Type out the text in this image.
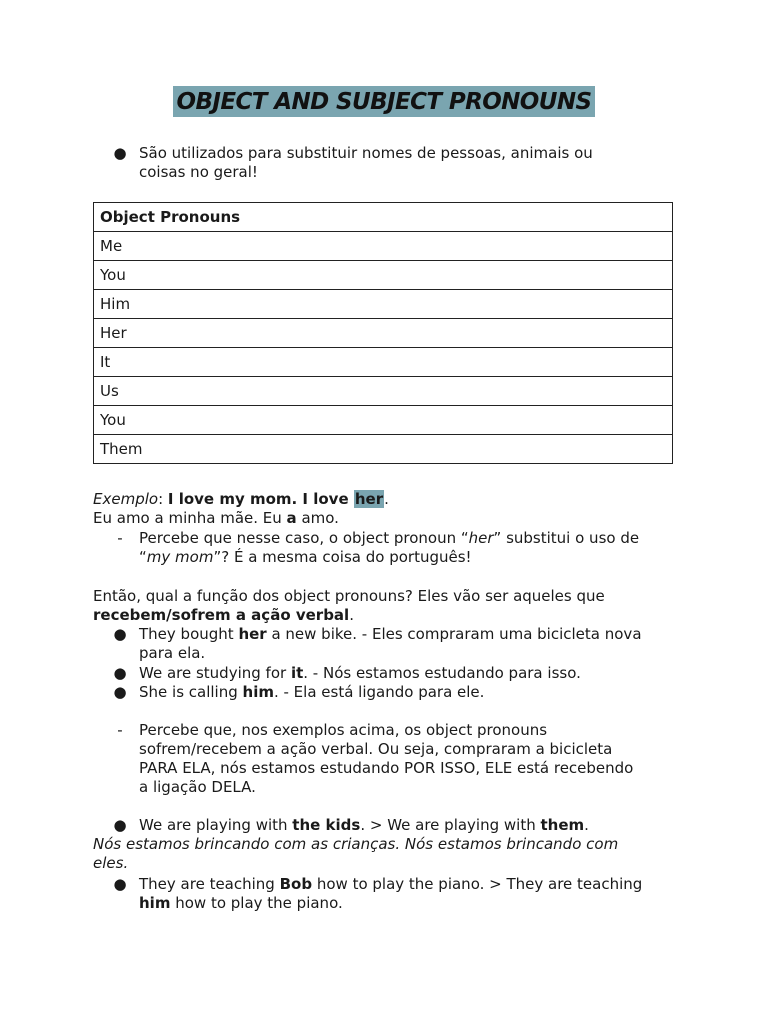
OBJECT AND SUBJECT PRONOUNS
● São utilizados para substituir nomes de pessoas, animais ou
coisas no geral!
Object Pronouns
Me
You
Him
Her
It
Us
You
Them
Exemplo: I love my mom. I love her.
Eu amo a minha mãe. Eu a amo.
- Percebe que nesse caso, o object pronoun “her” substitui o uso de
“my mom”? É a mesma coisa do português!
Então, qual a função dos object pronouns? Eles vão ser aqueles que
recebem/sofrem a ação verbal.
● They bought her a new bike. - Eles compraram uma bicicleta nova
para ela.
● We are studying for it. - Nós estamos estudando para isso.
● She is calling him. - Ela está ligando para ele.
- Percebe que, nos exemplos acima, os object pronouns
sofrem/recebem a ação verbal. Ou seja, compraram a bicicleta
PARA ELA, nós estamos estudando POR ISSO, ELE está recebendo
a ligação DELA.
● We are playing with the kids. > We are playing with them.
Nós estamos brincando com as crianças. Nós estamos brincando com
eles.
● They are teaching Bob how to play the piano. > They are teaching
him how to play the piano.
